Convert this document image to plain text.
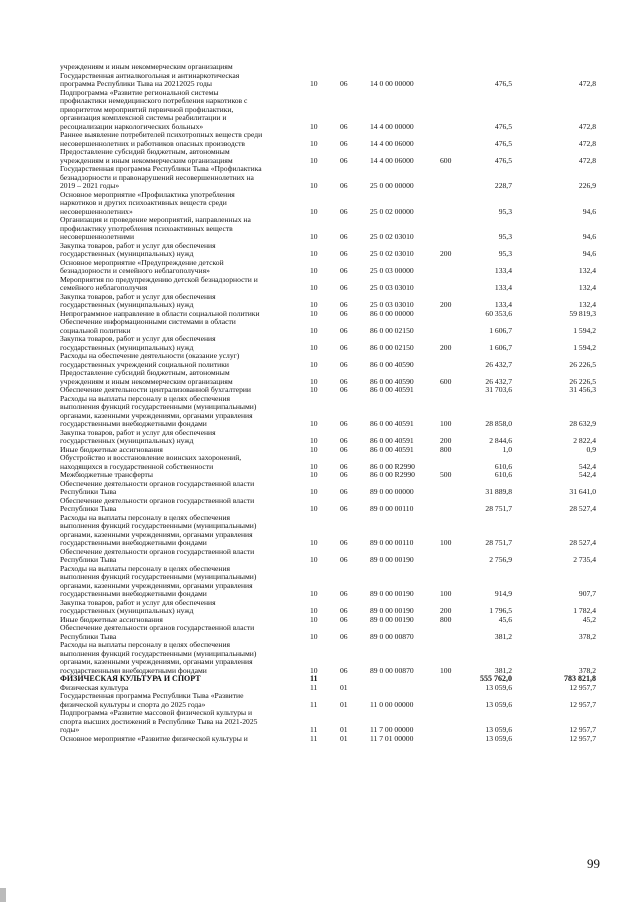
учреждениям и иным некоммерческим организациям
Государственная антиалкогольная и антинаркотическая
программа Республики Тыва на 20212025 годы	10	06	14 0 00 00000	476,5	472,8
Подпрограмма «Развитие региональной системы
профилактики немедицинского потребления наркотиков с
приоритетом мероприятий первичной профилактики,
организация комплексной системы реабилитации и
ресоциализации наркологических больных»	10	06	14 4 00 00000	476,5	472,8
Раннее выявление потребителей психотропных веществ среди
несовершеннолетних и работников опасных производств	10	06	14 4 00 06000	476,5	472,8
Предоставление субсидий бюджетным, автономным
учреждениям и иным некоммерческим организациям	10	06	14 4 00 06000	600	476,5	472,8
Государственная программа Республики Тыва «Профилактика
безнадзорности и правонарушений несовершеннолетних на
2019 – 2021 годы»	10	06	25 0 00 00000	228,7	226,9
Основное мероприятие «Профилактика употребления
наркотиков и других психоактивных веществ среди
несовершеннолетних»	10	06	25 0 02 00000	95,3	94,6
Организация и проведение мероприятий, направленных на
профилактику употребления психоактивных веществ
несовершеннолетними	10	06	25 0 02 03010	95,3	94,6
Закупка товаров, работ и услуг для обеспечения
государственных (муниципальных) нужд	10	06	25 0 02 03010	200	95,3	94,6
Основное мероприятие «Предупреждение детской
безнадзорности и семейного неблагополучия»	10	06	25 0 03 00000	133,4	132,4
Мероприятия по предупреждению детской безнадзорности и
семейного неблагополучия	10	06	25 0 03 03010	133,4	132,4
Закупка товаров, работ и услуг для обеспечения
государственных (муниципальных) нужд	10	06	25 0 03 03010	200	133,4	132,4
Непрограммное направление в области социальной политики	10	06	86 0 00 00000	60 353,6	59 819,3
Обеспечение информационными системами в области
социальной политики	10	06	86 0 00 02150	1 606,7	1 594,2
Закупка товаров, работ и услуг для обеспечения
государственных (муниципальных) нужд	10	06	86 0 00 02150	200	1 606,7	1 594,2
Расходы на обеспечение деятельности (оказание услуг)
государственных учреждений социальной политики	10	06	86 0 00 40590	26 432,7	26 226,5
Предоставление субсидий бюджетным, автономным
учреждениям и иным некоммерческим организациям	10	06	86 0 00 40590	600	26 432,7	26 226,5
Обеспечение деятельности централизованной бухгалтерии	10	06	86 0 00 40591	31 703,6	31 456,3
Расходы на выплаты персоналу в целях обеспечения
выполнения функций государственными (муниципальными)
органами, казенными учреждениями, органами управления
государственными внебюджетными фондами	10	06	86 0 00 40591	100	28 858,0	28 632,9
Закупка товаров, работ и услуг для обеспечения
государственных (муниципальных) нужд	10	06	86 0 00 40591	200	2 844,6	2 822,4
Иные бюджетные ассигнования	10	06	86 0 00 40591	800	1,0	0,9
Обустройство и восстановление воинских захоронений,
находящихся в государственной собственности	10	06	86 0 00 R2990	610,6	542,4
Межбюджетные трансферты	10	06	86 0 00 R2990	500	610,6	542,4
Обеспечение деятельности органов государственной власти
Республики Тыва	10	06	89 0 00 00000	31 889,8	31 641,0
Обеспечение деятельности органов государственной власти
Республики Тыва	10	06	89 0 00 00110	28 751,7	28 527,4
Расходы на выплаты персоналу в целях обеспечения
выполнения функций государственными (муниципальными)
органами, казенными учреждениями, органами управления
государственными внебюджетными фондами	10	06	89 0 00 00110	100	28 751,7	28 527,4
Обеспечение деятельности органов государственной власти
Республики Тыва	10	06	89 0 00 00190	2 756,9	2 735,4
Расходы на выплаты персоналу в целях обеспечения
выполнения функций государственными (муниципальными)
органами, казенными учреждениями, органами управления
государственными внебюджетными фондами	10	06	89 0 00 00190	100	914,9	907,7
Закупка товаров, работ и услуг для обеспечения
государственных (муниципальных) нужд	10	06	89 0 00 00190	200	1 796,5	1 782,4
Иные бюджетные ассигнования	10	06	89 0 00 00190	800	45,6	45,2
Обеспечение деятельности органов государственной власти
Республики Тыва	10	06	89 0 00 00870	381,2	378,2
Расходы на выплаты персоналу в целях обеспечения
выполнения функций государственными (муниципальными)
органами, казенными учреждениями, органами управления
государственными внебюджетными фондами	10	06	89 0 00 00870	100	381,2	378,2
ФИЗИЧЕСКАЯ КУЛЬТУРА И СПОРТ	11	555 762,0	783 821,8
Физическая культура	11	01	13 059,6	12 957,7
Государственная программа Республики Тыва «Развитие
физической культуры и спорта до 2025 года»	11	01	11 0 00 00000	13 059,6	12 957,7
Подпрограмма «Развитие массовой физической культуры и
спорта высших достижений в Республике Тыва на 2021-2025
годы»	11	01	11 7 00 00000	13 059,6	12 957,7
Основное мероприятие «Развитие физической культуры и	11	01	11 7 01 00000	13 059,6	12 957,7
99
